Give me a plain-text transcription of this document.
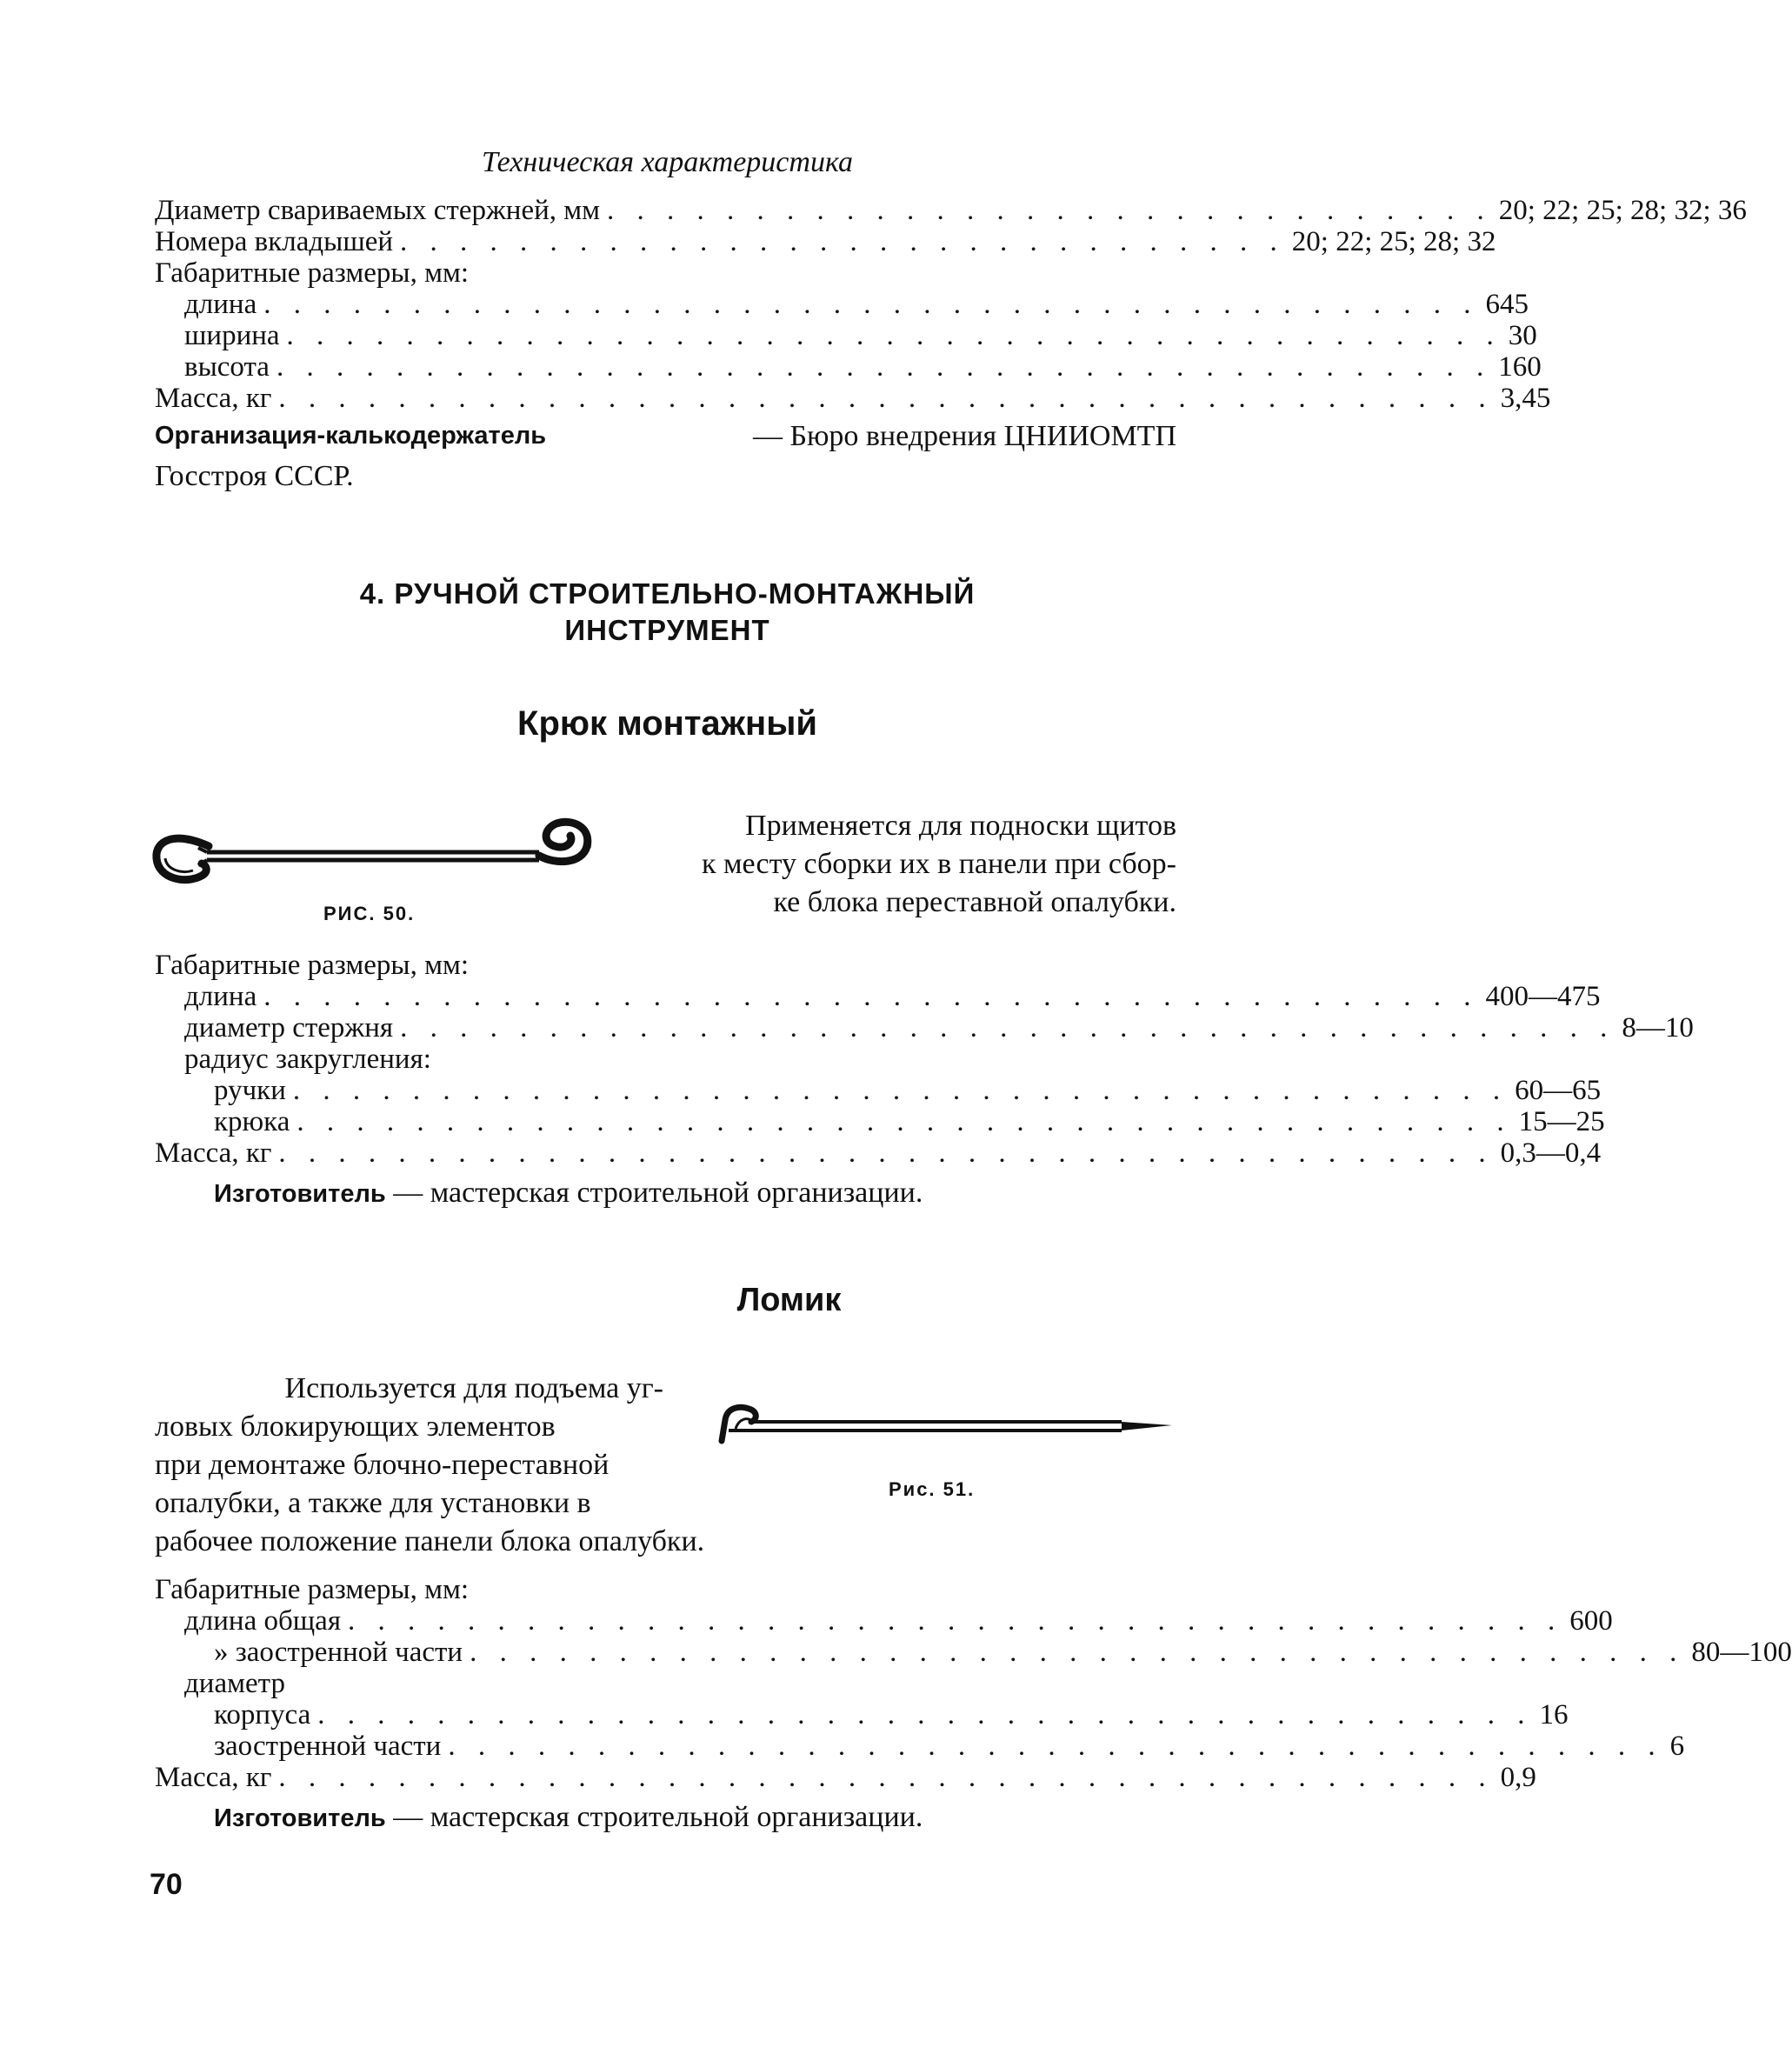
Техническая характеристика
Диаметр свариваемых стержней, мм . . . . . . . . . . . . . . . . . . . . . . . . . . . . . . 20; 22; 25; 28; 32; 36
Номера вкладышей . . . . . . . . . . . . . . . . . . . . . . . . . . . . . . 20; 22; 25; 28; 32
Габаритные размеры, мм:
длина . . . . . . . . . . . . . . . . . . . . . . . . . . . . . . . . . . . . . . . . . 645
ширина . . . . . . . . . . . . . . . . . . . . . . . . . . . . . . . . . . . . . . . . . 30
высота . . . . . . . . . . . . . . . . . . . . . . . . . . . . . . . . . . . . . . . . . 160
Масса, кг . . . . . . . . . . . . . . . . . . . . . . . . . . . . . . . . . . . . . . . . . 3,45
Организация-калькодержатель	— Бюро внедрения ЦНИИОМТП
Госстроя СССР.
4. РУЧНОЙ СТРОИТЕЛЬНО-МОНТАЖНЫЙ
ИНСТРУМЕНТ
Крюк монтажный
РИС. 50.
Применяется для подноски щитов
к месту сборки их в панели при сбор-
ке блока переставной опалубки.
Габаритные размеры, мм:
длина . . . . . . . . . . . . . . . . . . . . . . . . . . . . . . . . . . . . . . . . . 400—475
диаметр стержня . . . . . . . . . . . . . . . . . . . . . . . . . . . . . . . . . . . . . . . . . 8—10
радиус закругления:
ручки . . . . . . . . . . . . . . . . . . . . . . . . . . . . . . . . . . . . . . . . . 60—65
крюка . . . . . . . . . . . . . . . . . . . . . . . . . . . . . . . . . . . . . . . . . 15—25
Масса, кг . . . . . . . . . . . . . . . . . . . . . . . . . . . . . . . . . . . . . . . . . 0,3—0,4
Изготовитель — мастерская строительной организации.
Ломик
Используется для подъема уг-
ловых блокирующих элементов
при демонтаже блочно-переставной
опалубки, а также для установки в
рабочее положение панели блока опалубки.
Рис. 51.
Габаритные размеры, мм:
длина общая . . . . . . . . . . . . . . . . . . . . . . . . . . . . . . . . . . . . . . . . . 600
» заостренной части . . . . . . . . . . . . . . . . . . . . . . . . . . . . . . . . . . . . . . . . . 80—100
диаметр
корпуса . . . . . . . . . . . . . . . . . . . . . . . . . . . . . . . . . . . . . . . . . 16
заостренной части . . . . . . . . . . . . . . . . . . . . . . . . . . . . . . . . . . . . . . . . . 6
Масса, кг . . . . . . . . . . . . . . . . . . . . . . . . . . . . . . . . . . . . . . . . . 0,9
Изготовитель — мастерская строительной организации.
70
